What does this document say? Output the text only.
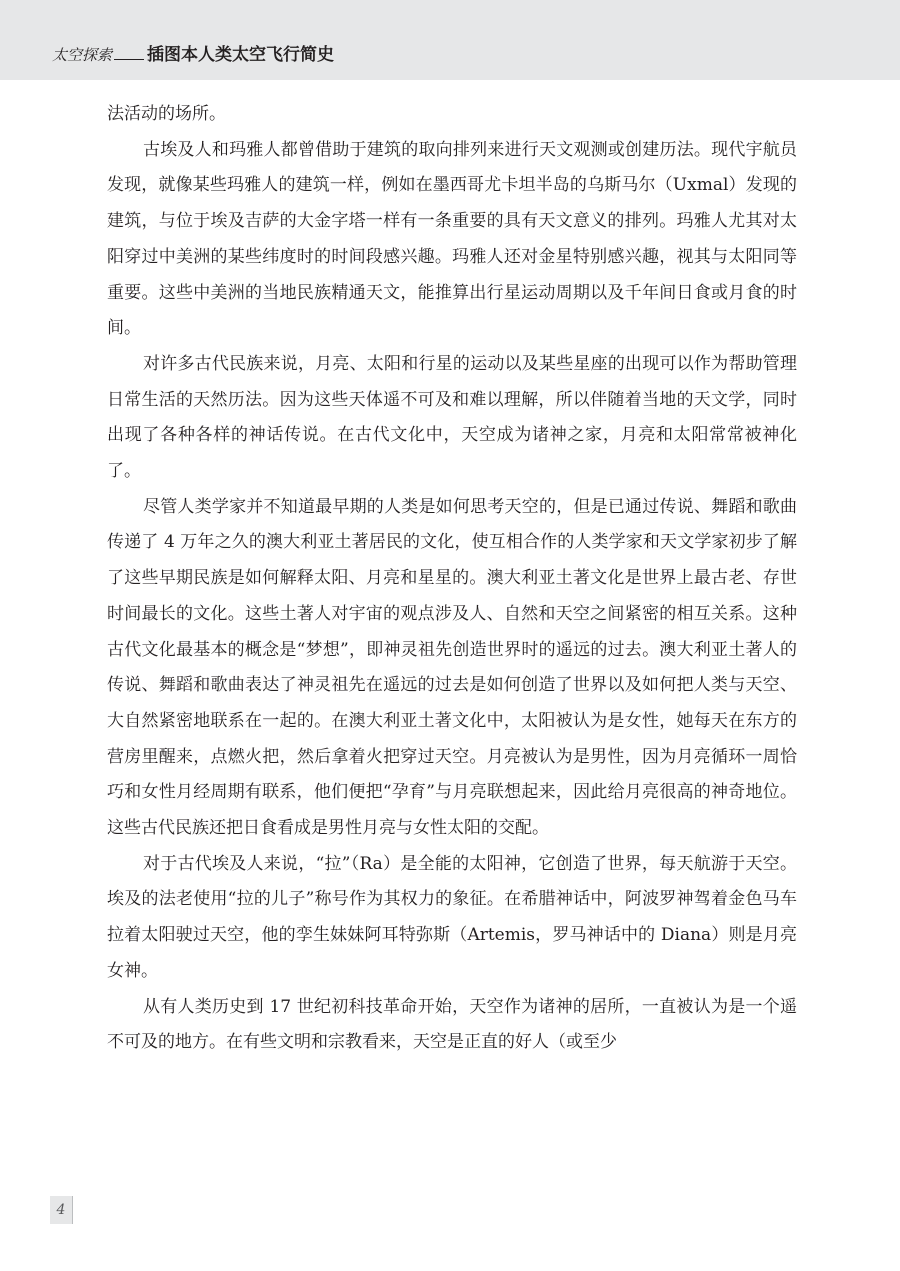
太空探索 插图本人类太空飞行简史

法活动的场所。

古埃及人和玛雅人都曾借助于建筑的取向排列来进行天文观测或创建历法。现代宇航员发现，就像某些玛雅人的建筑一样，例如在墨西哥尤卡坦半岛的乌斯马尔（Uxmal）发现的建筑，与位于埃及吉萨的大金字塔一样有一条重要的具有天文意义的排列。玛雅人尤其对太阳穿过中美洲的某些纬度时的时间段感兴趣。玛雅人还对金星特别感兴趣，视其与太阳同等重要。这些中美洲的当地民族精通天文，能推算出行星运动周期以及千年间日食或月食的时间。

对许多古代民族来说，月亮、太阳和行星的运动以及某些星座的出现可以作为帮助管理日常生活的天然历法。因为这些天体遥不可及和难以理解，所以伴随着当地的天文学，同时出现了各种各样的神话传说。在古代文化中，天空成为诸神之家，月亮和太阳常常被神化了。

尽管人类学家并不知道最早期的人类是如何思考天空的，但是已通过传说、舞蹈和歌曲传递了 4 万年之久的澳大利亚土著居民的文化，使互相合作的人类学家和天文学家初步了解了这些早期民族是如何解释太阳、月亮和星星的。澳大利亚土著文化是世界上最古老、存世时间最长的文化。这些土著人对宇宙的观点涉及人、自然和天空之间紧密的相互关系。这种古代文化最基本的概念是“梦想”，即神灵祖先创造世界时的遥远的过去。澳大利亚土著人的传说、舞蹈和歌曲表达了神灵祖先在遥远的过去是如何创造了世界以及如何把人类与天空、大自然紧密地联系在一起的。在澳大利亚土著文化中，太阳被认为是女性，她每天在东方的营房里醒来，点燃火把，然后拿着火把穿过天空。月亮被认为是男性，因为月亮循环一周恰巧和女性月经周期有联系，他们便把“孕育”与月亮联想起来，因此给月亮很高的神奇地位。这些古代民族还把日食看成是男性月亮与女性太阳的交配。

对于古代埃及人来说，“拉”（Ra）是全能的太阳神，它创造了世界，每天航游于天空。埃及的法老使用“拉的儿子”称号作为其权力的象征。在希腊神话中，阿波罗神驾着金色马车拉着太阳驶过天空，他的孪生妹妹阿耳特弥斯（Artemis，罗马神话中的 Diana）则是月亮女神。

从有人类历史到 17 世纪初科技革命开始，天空作为诸神的居所，一直被认为是一个遥不可及的地方。在有些文明和宗教看来，天空是正直的好人（或至少

4
